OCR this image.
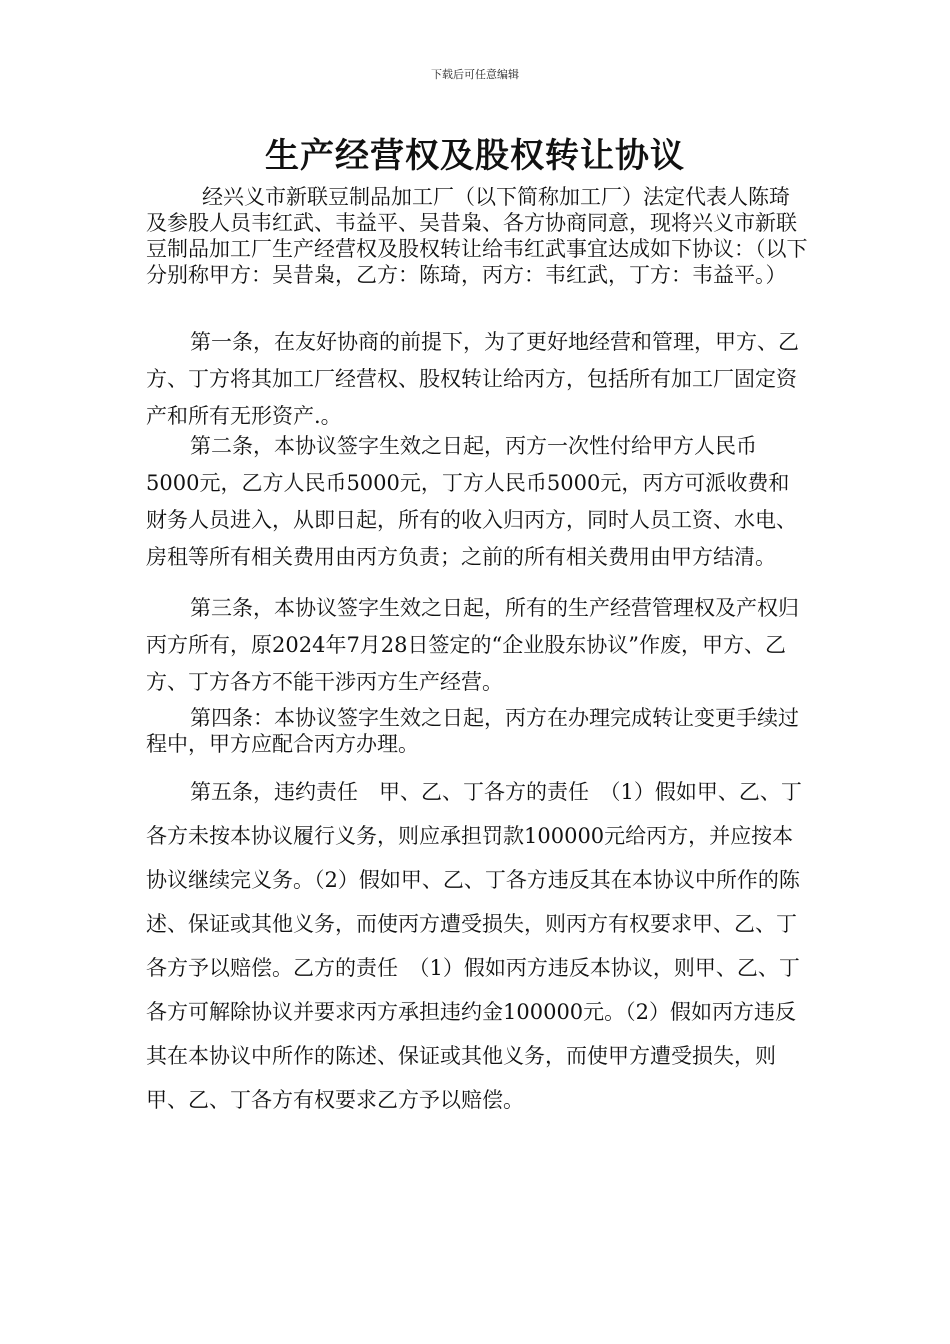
下载后可任意编辑
生产经营权及股权转让协议

经兴义市新联豆制品加工厂（以下简称加工厂）法定代表人陈琦及参股人员韦红武、韦益平、吴昔枭、各方协商同意，现将兴义市新联豆制品加工厂生产经营权及股权转让给韦红武事宜达成如下协议：（以下分别称甲方：吴昔枭，乙方：陈琦，丙方：韦红武，丁方：韦益平。）

第一条，在友好协商的前提下，为了更好地经营和管理，甲方、乙方、丁方将其加工厂经营权、股权转让给丙方，包括所有加工厂固定资产和所有无形资产.。

第二条，本协议签字生效之日起，丙方一次性付给甲方人民币5000元，乙方人民币5000元，丁方人民币5000元，丙方可派收费和财务人员进入，从即日起，所有的收入归丙方，同时人员工资、水电、房租等所有相关费用由丙方负责；之前的所有相关费用由甲方结清。

第三条，本协议签字生效之日起，所有的生产经营管理权及产权归丙方所有，原2024年7月28日签定的“企业股东协议”作废，甲方、乙方、丁方各方不能干涉丙方生产经营。

第四条：本协议签字生效之日起，丙方在办理完成转让变更手续过程中，甲方应配合丙方办理。

第五条，违约责任　甲、乙、丁各方的责任　（1）假如甲、乙、丁各方未按本协议履行义务，则应承担罚款100000元给丙方，并应按本协议继续完义务。（2）假如甲、乙、丁各方违反其在本协议中所作的陈述、保证或其他义务，而使丙方遭受损失，则丙方有权要求甲、乙、丁各方予以赔偿。乙方的责任　（1）假如丙方违反本协议，则甲、乙、丁各方可解除协议并要求丙方承担违约金100000元。（2）假如丙方违反其在本协议中所作的陈述、保证或其他义务，而使甲方遭受损失，则甲、乙、丁各方有权要求乙方予以赔偿。
